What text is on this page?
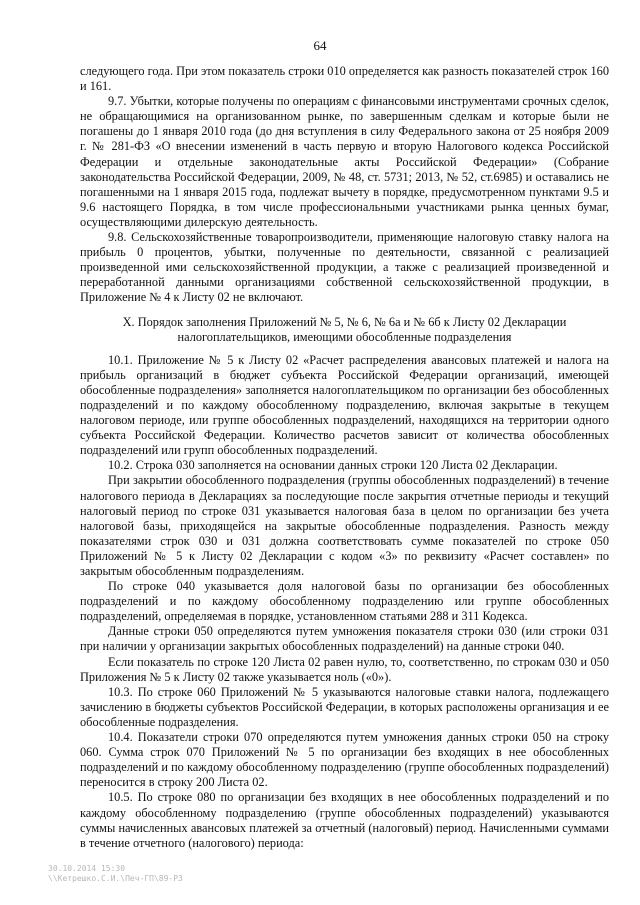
64

следующего года. При этом показатель строки 010 определяется как разность показателей строк 160 и 161.

9.7. Убытки, которые получены по операциям с финансовыми инструментами срочных сделок, не обращающимися на организованном рынке, по завершенным сделкам и которые были не погашены до 1 января 2010 года (до дня вступления в силу Федерального закона от 25 ноября 2009 г. № 281-ФЗ «О внесении изменений в часть первую и вторую Налогового кодекса Российской Федерации и отдельные законодательные акты Российской Федерации» (Собрание законодательства Российской Федерации, 2009, № 48, ст. 5731; 2013, № 52, ст.6985) и оставались не погашенными на 1 января 2015 года, подлежат вычету в порядке, предусмотренном пунктами 9.5 и 9.6 настоящего Порядка, в том числе профессиональными участниками рынка ценных бумаг, осуществляющими дилерскую деятельность.

9.8. Сельскохозяйственные товаропроизводители, применяющие налоговую ставку налога на прибыль 0 процентов, убытки, полученные по деятельности, связанной с реализацией произведенной ими сельскохозяйственной продукции, а также с реализацией произведенной и переработанной данными организациями собственной сельскохозяйственной продукции, в Приложение № 4 к Листу 02 не включают.

X. Порядок заполнения Приложений № 5, № 6, № 6а и № 6б к Листу 02 Декларации
налогоплательщиков, имеющими обособленные подразделения

10.1. Приложение № 5 к Листу 02 «Расчет распределения авансовых платежей и налога на прибыль организаций в бюджет субъекта Российской Федерации организаций, имеющей обособленные подразделения» заполняется налогоплательщиком по организации без обособленных подразделений и по каждому обособленному подразделению, включая закрытые в текущем налоговом периоде, или группе обособленных подразделений, находящихся на территории одного субъекта Российской Федерации. Количество расчетов зависит от количества обособленных подразделений или групп обособленных подразделений.

10.2. Строка 030 заполняется на основании данных строки 120 Листа 02 Декларации.

При закрытии обособленного подразделения (группы обособленных подразделений) в течение налогового периода в Декларациях за последующие после закрытия отчетные периоды и текущий налоговый период по строке 031 указывается налоговая база в целом по организации без учета налоговой базы, приходящейся на закрытые обособленные подразделения. Разность между показателями строк 030 и 031 должна соответствовать сумме показателей по строке 050 Приложений № 5 к Листу 02 Декларации с кодом «3» по реквизиту «Расчет составлен» по закрытым обособленным подразделениям.

По строке 040 указывается доля налоговой базы по организации без обособленных подразделений и по каждому обособленному подразделению или группе обособленных подразделений, определяемая в порядке, установленном статьями 288 и 311 Кодекса.

Данные строки 050 определяются путем умножения показателя строки 030 (или строки 031 при наличии у организации закрытых обособленных подразделений) на данные строки 040.

Если показатель по строке 120 Листа 02 равен нулю, то, соответственно, по строкам 030 и 050 Приложения № 5 к Листу 02 также указывается ноль («0»).

10.3. По строке 060 Приложений № 5 указываются налоговые ставки налога, подлежащего зачислению в бюджеты субъектов Российской Федерации, в которых расположены организация и ее обособленные подразделения.

10.4. Показатели строки 070 определяются путем умножения данных строки 050 на строку 060. Сумма строк 070 Приложений № 5 по организации без входящих в нее обособленных подразделений и по каждому обособленному подразделению (группе обособленных подразделений) переносится в строку 200 Листа 02.

10.5. По строке 080 по организации без входящих в нее обособленных подразделений и по каждому обособленному подразделению (группе обособленных подразделений) указываются суммы начисленных авансовых платежей за отчетный (налоговый) период. Начисленными суммами в течение отчетного (налогового) периода:

30.10.2014 15:30
\\Кетрешко.С.И.\Печ-ГП\89-РЗ
